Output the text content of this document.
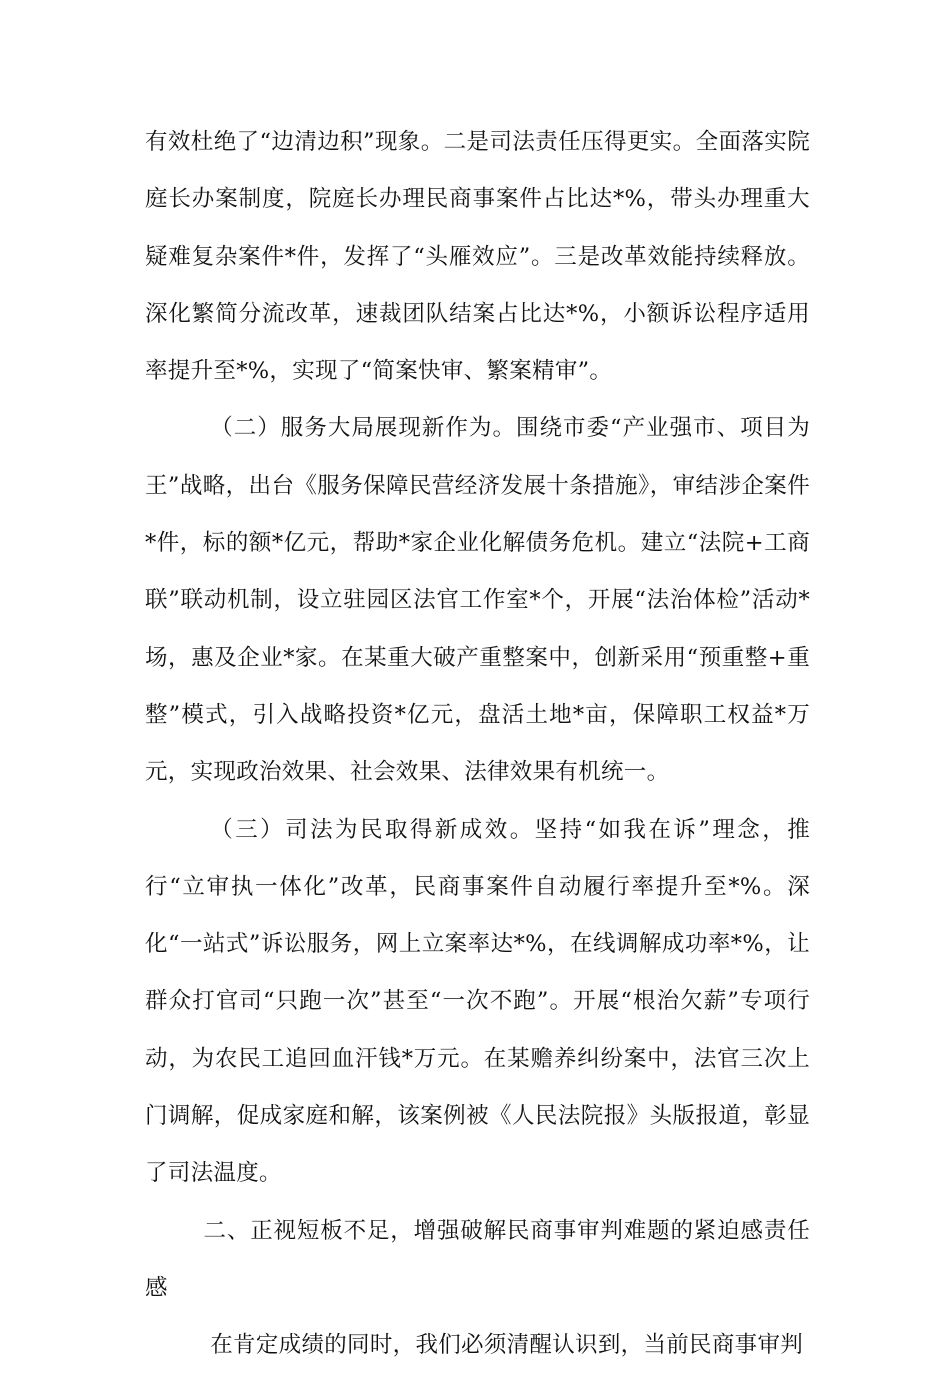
有效杜绝了“边清边积”现象。二是司法责任压得更实。全面落实院庭长办案制度，院庭长办理民商事案件占比达*%，带头办理重大疑难复杂案件*件，发挥了“头雁效应”。三是改革效能持续释放。深化繁简分流改革，速裁团队结案占比达*%，小额诉讼程序适用率提升至*%，实现了“简案快审、繁案精审”。

（二）服务大局展现新作为。围绕市委“产业强市、项目为王”战略，出台《服务保障民营经济发展十条措施》，审结涉企案件*件，标的额*亿元，帮助*家企业化解债务危机。建立“法院+工商联”联动机制，设立驻园区法官工作室*个，开展“法治体检”活动*场，惠及企业*家。在某重大破产重整案中，创新采用“预重整+重整”模式，引入战略投资*亿元，盘活土地*亩，保障职工权益*万元，实现政治效果、社会效果、法律效果有机统一。

（三）司法为民取得新成效。坚持“如我在诉”理念，推行“立审执一体化”改革，民商事案件自动履行率提升至*%。深化“一站式”诉讼服务，网上立案率达*%，在线调解成功率*%，让群众打官司“只跑一次”甚至“一次不跑”。开展“根治欠薪”专项行动，为农民工追回血汗钱*万元。在某赡养纠纷案中，法官三次上门调解，促成家庭和解，该案例被《人民法院报》头版报道，彰显了司法温度。

二、正视短板不足，增强破解民商事审判难题的紧迫感责任感

在肯定成绩的同时，我们必须清醒认识到，当前民商事审判
